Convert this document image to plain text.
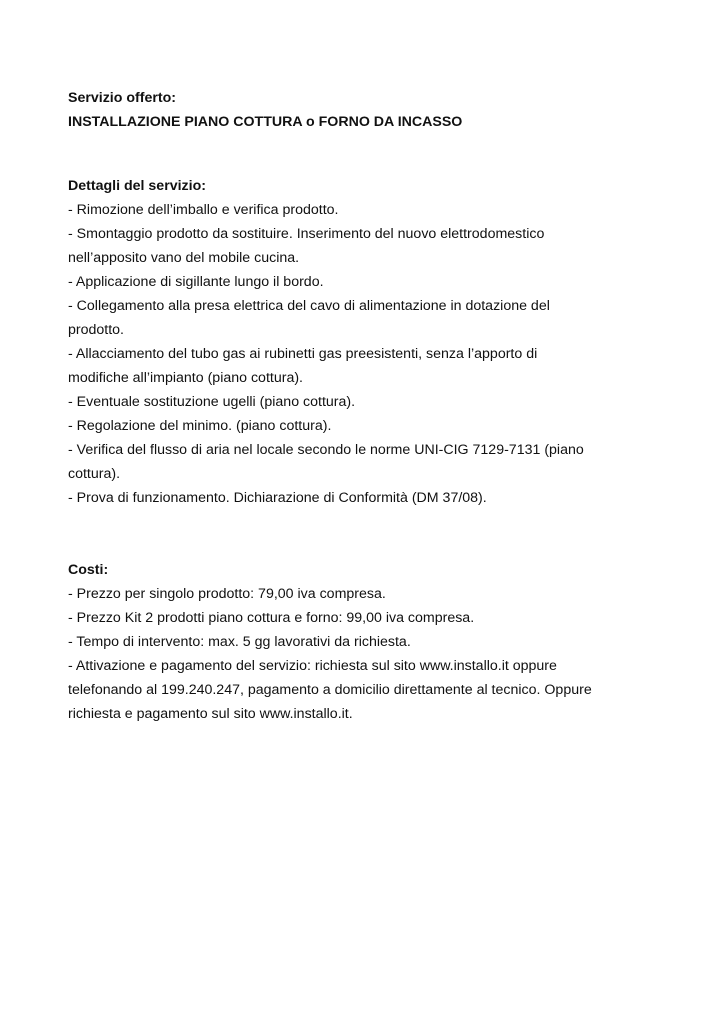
Servizio offerto:

INSTALLAZIONE PIANO COTTURA o FORNO DA INCASSO

Dettagli del servizio:

- Rimozione dell’imballo e verifica prodotto.

- Smontaggio prodotto da sostituire. Inserimento del nuovo elettrodomestico

nell’apposito vano del mobile cucina.

- Applicazione di sigillante lungo il bordo.

- Collegamento alla presa elettrica del cavo di alimentazione in dotazione del

prodotto.

- Allacciamento del tubo gas ai rubinetti gas preesistenti, senza l’apporto di

modifiche all’impianto (piano cottura).

- Eventuale sostituzione ugelli (piano cottura).

- Regolazione del minimo. (piano cottura).

- Verifica del flusso di aria nel locale secondo le norme UNI-CIG 7129-7131 (piano

cottura).

- Prova di funzionamento. Dichiarazione di Conformità (DM 37/08).

Costi:

- Prezzo per singolo prodotto: 79,00 iva compresa.

- Prezzo Kit 2 prodotti piano cottura e forno: 99,00 iva compresa.

- Tempo di intervento: max. 5 gg lavorativi da richiesta.

- Attivazione e pagamento del servizio: richiesta sul sito www.installo.it oppure

telefonando al 199.240.247, pagamento a domicilio direttamente al tecnico. Oppure

richiesta e pagamento sul sito www.installo.it.
